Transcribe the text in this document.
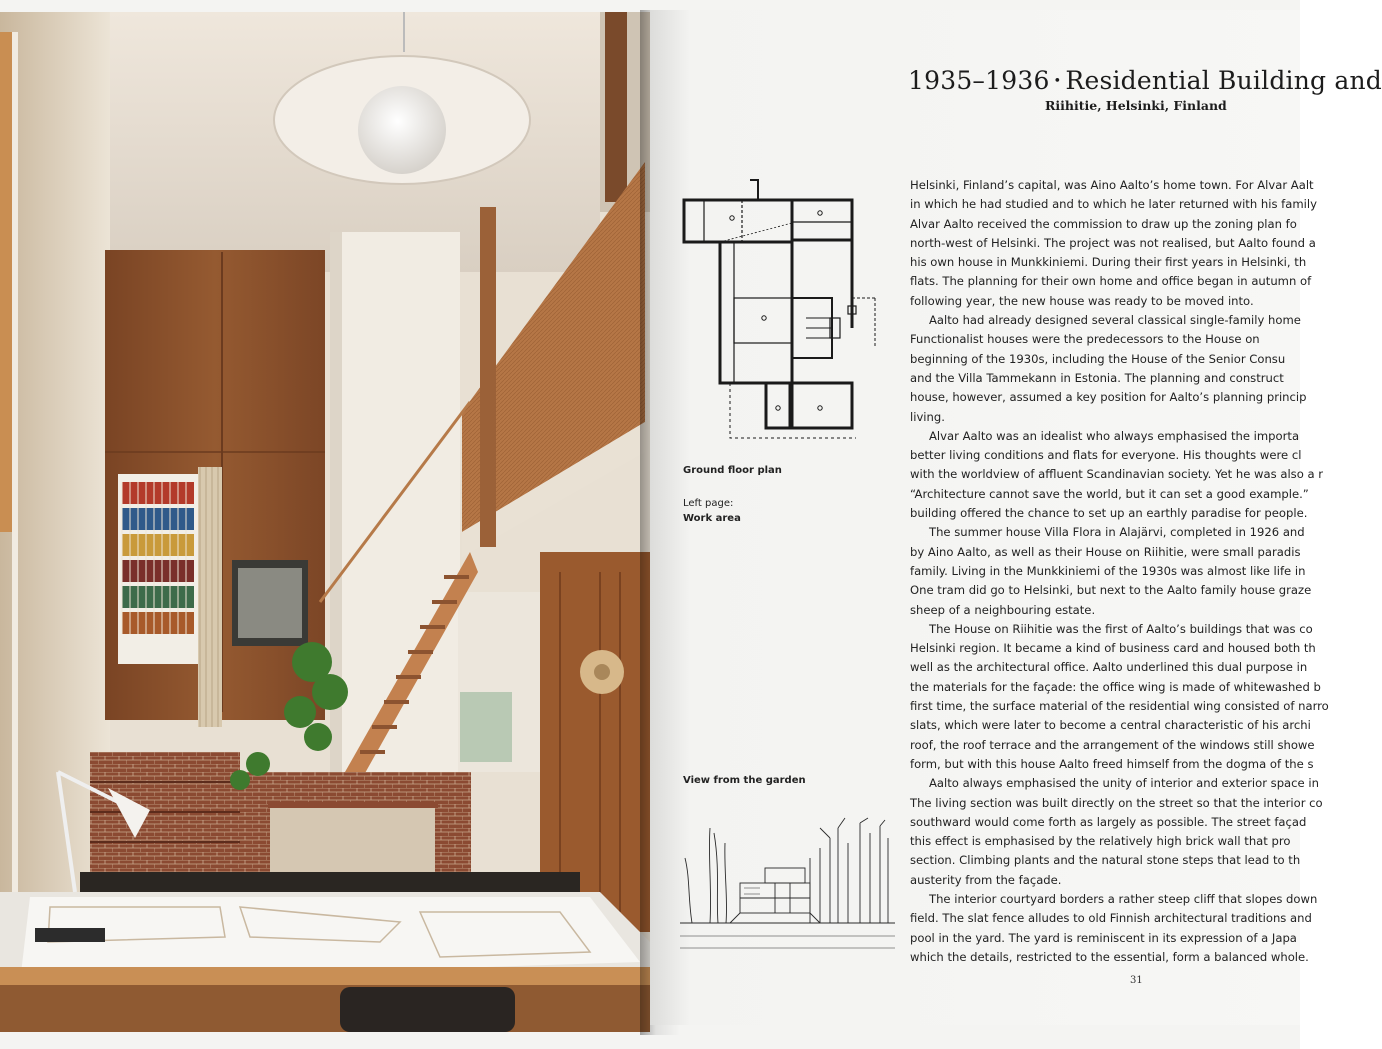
1935–1936 • Residential Building and
Riihitie, Helsinki, Finland
Ground floor plan
Left page:
Work area
View from the garden
Helsinki, Finland’s capital, was Aino Aalto’s home town. For Alvar Aalt
in which he had studied and to which he later returned with his family
Alvar Aalto received the commission to draw up the zoning plan fo
north-west of Helsinki. The project was not realised, but Aalto found a
his own house in Munkkiniemi. During their first years in Helsinki, th
flats. The planning for their own home and office began in autumn of
following year, the new house was ready to be moved into.
Aalto had already designed several classical single-family home
Functionalist houses were the predecessors to the House on
beginning of the 1930s, including the House of the Senior Consu
and the Villa Tammekann in Estonia. The planning and construct
house, however, assumed a key position for Aalto’s planning princip
living.
Alvar Aalto was an idealist who always emphasised the importa
better living conditions and flats for everyone. His thoughts were cl
with the worldview of affluent Scandinavian society. Yet he was also a r
“Architecture cannot save the world, but it can set a good example.”
building offered the chance to set up an earthly paradise for people.
The summer house Villa Flora in Alajärvi, completed in 1926 and
by Aino Aalto, as well as their House on Riihitie, were small paradis
family. Living in the Munkkiniemi of the 1930s was almost like life in
One tram did go to Helsinki, but next to the Aalto family house graze
sheep of a neighbouring estate.
The House on Riihitie was the first of Aalto’s buildings that was co
Helsinki region. It became a kind of business card and housed both th
well as the architectural office. Aalto underlined this dual purpose in
the materials for the façade: the office wing is made of whitewashed b
first time, the surface material of the residential wing consisted of narro
slats, which were later to become a central characteristic of his archi
roof, the roof terrace and the arrangement of the windows still showe
form, but with this house Aalto freed himself from the dogma of the s
Aalto always emphasised the unity of interior and exterior space in
The living section was built directly on the street so that the interior co
southward would come forth as largely as possible. The street façad
this effect is emphasised by the relatively high brick wall that pro
section. Climbing plants and the natural stone steps that lead to th
austerity from the façade.
The interior courtyard borders a rather steep cliff that slopes down
field. The slat fence alludes to old Finnish architectural traditions and
pool in the yard. The yard is reminiscent in its expression of a Japa
which the details, restricted to the essential, form a balanced whole.
31
